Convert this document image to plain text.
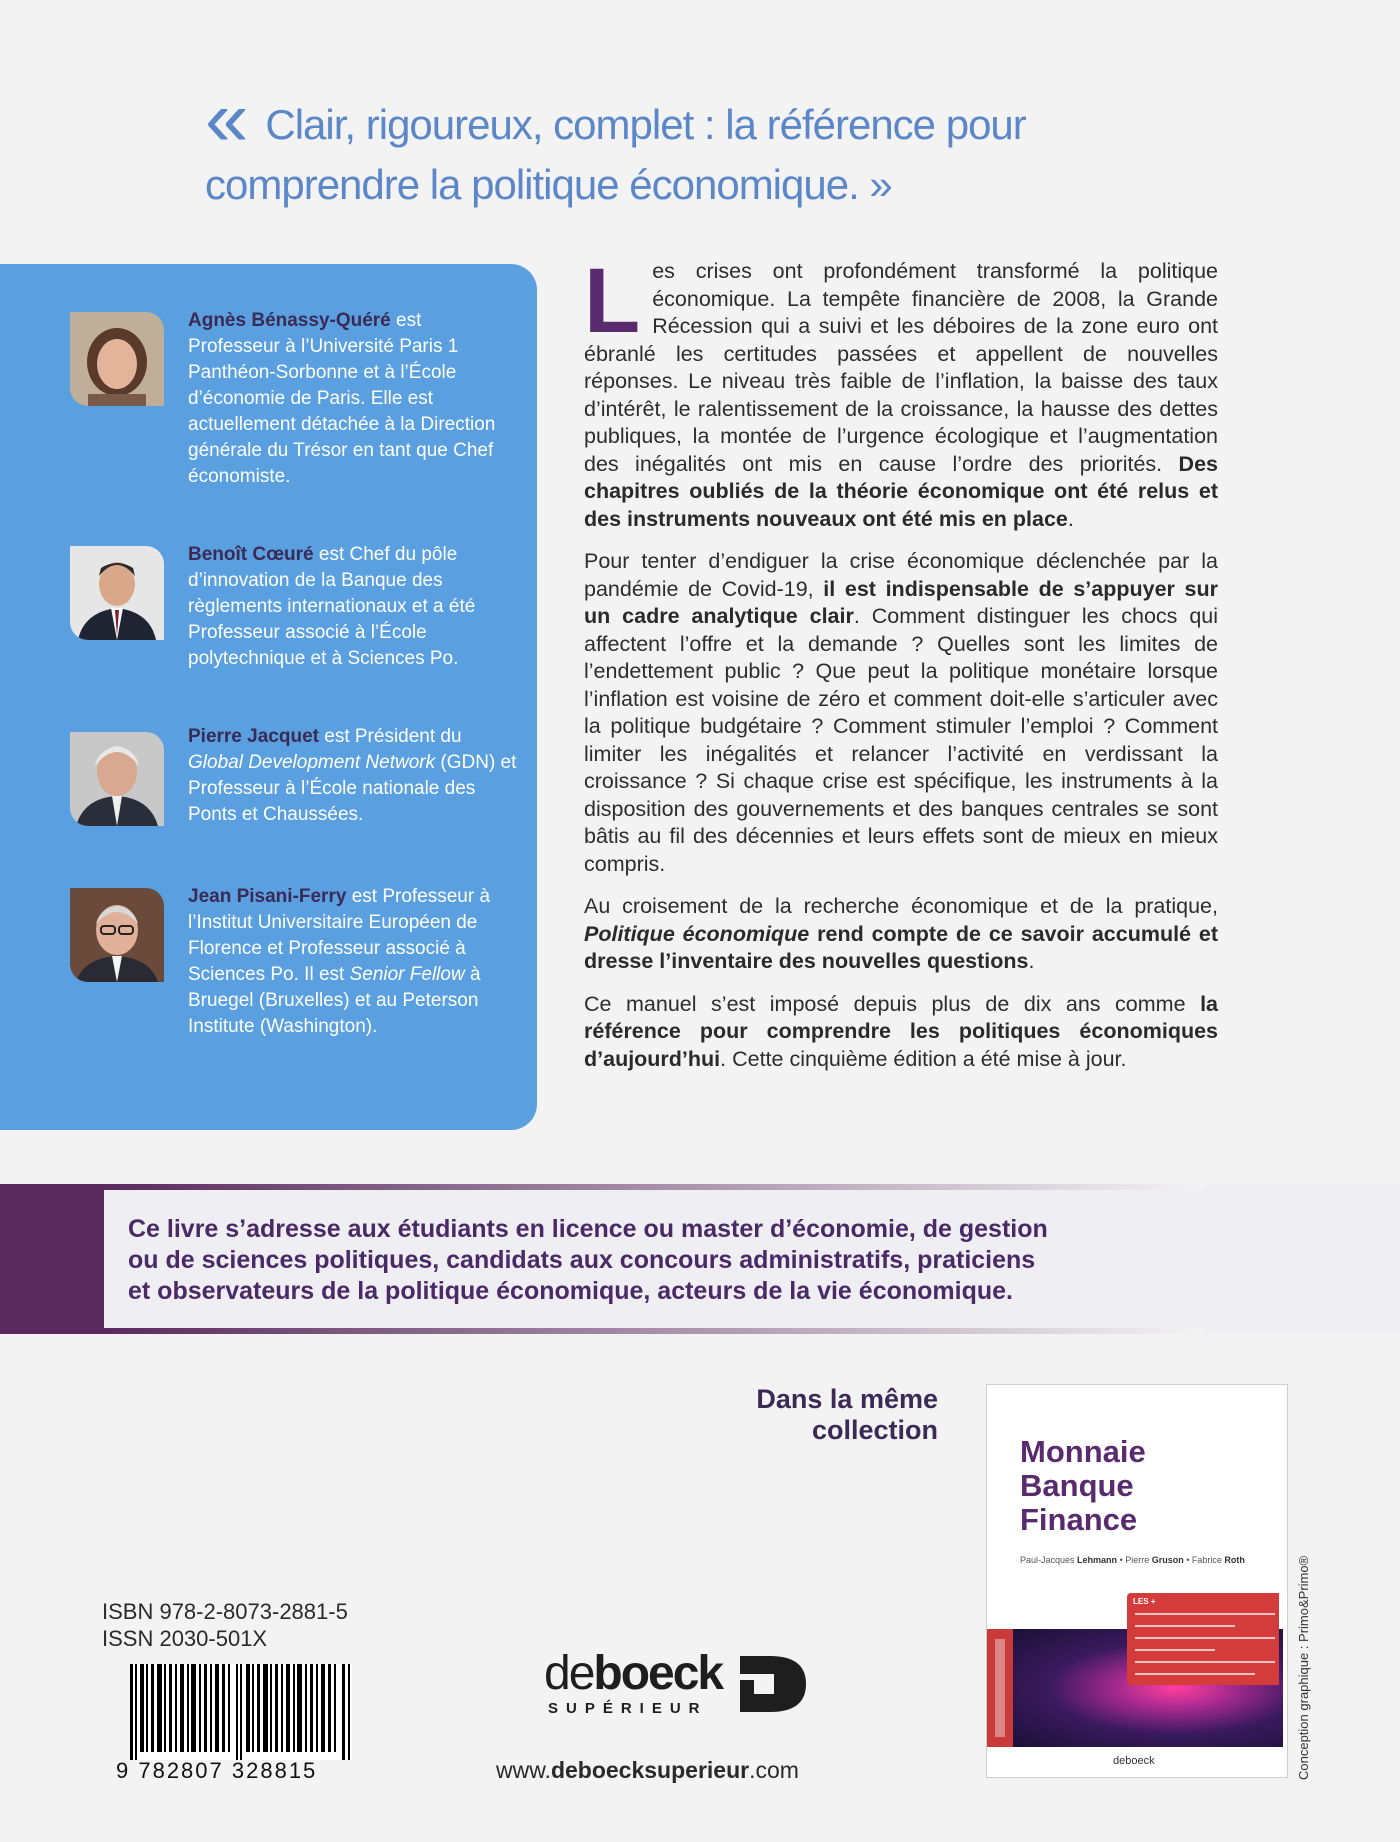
« Clair, rigoureux, complet : la référence pour
comprendre la politique économique. »
Agnès Bénassy-Quéré est Professeur à l’Université Paris 1 Panthéon-Sorbonne et à l’École d’économie de Paris. Elle est actuellement détachée à la Direction générale du Trésor en tant que Chef économiste.
Benoît Cœuré est Chef du pôle d’innovation de la Banque des règlements internationaux et a été Professeur associé à l’École polytechnique et à Sciences Po.
Pierre Jacquet est Président du Global Development Network (GDN) et Professeur à l’École nationale des Ponts et Chaussées.
Jean Pisani-Ferry est Professeur à l’Institut Universitaire Européen de Florence et Professeur associé à Sciences Po. Il est Senior Fellow à Bruegel (Bruxelles) et au Peterson Institute (Washington).

Les crises ont profondément transformé la politique économique. La tempête financière de 2008, la Grande Récession qui a suivi et les déboires de la zone euro ont ébranlé les certitudes passées et appellent de nouvelles réponses. Le niveau très faible de l’inflation, la baisse des taux d’intérêt, le ralentissement de la croissance, la hausse des dettes publiques, la montée de l’urgence écologique et l’augmentation des inégalités ont mis en cause l’ordre des priorités. Des chapitres oubliés de la théorie économique ont été relus et des instruments nouveaux ont été mis en place.

Pour tenter d’endiguer la crise économique déclenchée par la pandémie de Covid-19, il est indispensable de s’appuyer sur un cadre analytique clair. Comment distinguer les chocs qui affectent l’offre et la demande ? Quelles sont les limites de l’endettement public ? Que peut la politique monétaire lorsque l’inflation est voisine de zéro et comment doit-elle s’articuler avec la politique budgétaire ? Comment stimuler l’emploi ? Comment limiter les inégalités et relancer l’activité en verdissant la croissance ? Si chaque crise est spécifique, les instruments à la disposition des gouvernements et des banques centrales se sont bâtis au fil des décennies et leurs effets sont de mieux en mieux compris.

Au croisement de la recherche économique et de la pratique, Politique économique rend compte de ce savoir accumulé et dresse l’inventaire des nouvelles questions.

Ce manuel s’est imposé depuis plus de dix ans comme la référence pour comprendre les politiques économiques d’aujourd’hui. Cette cinquième édition a été mise à jour.

Ce livre s’adresse aux étudiants en licence ou master d’économie, de gestion
ou de sciences politiques, candidats aux concours administratifs, praticiens
et observateurs de la politique économique, acteurs de la vie économique.
Dans la même
collection
Monnaie
Banque
Finance
Paul-Jacques Lehmann • Pierre Gruson • Fabrice Roth
LES +
deboeck
ISBN 978-2-8073-2881-5
ISSN 2030-501X
9 782807 328815
deboeck
SUPÉRIEUR
www.deboecksuperieur.com	Conception graphique : Primo&Primo®
